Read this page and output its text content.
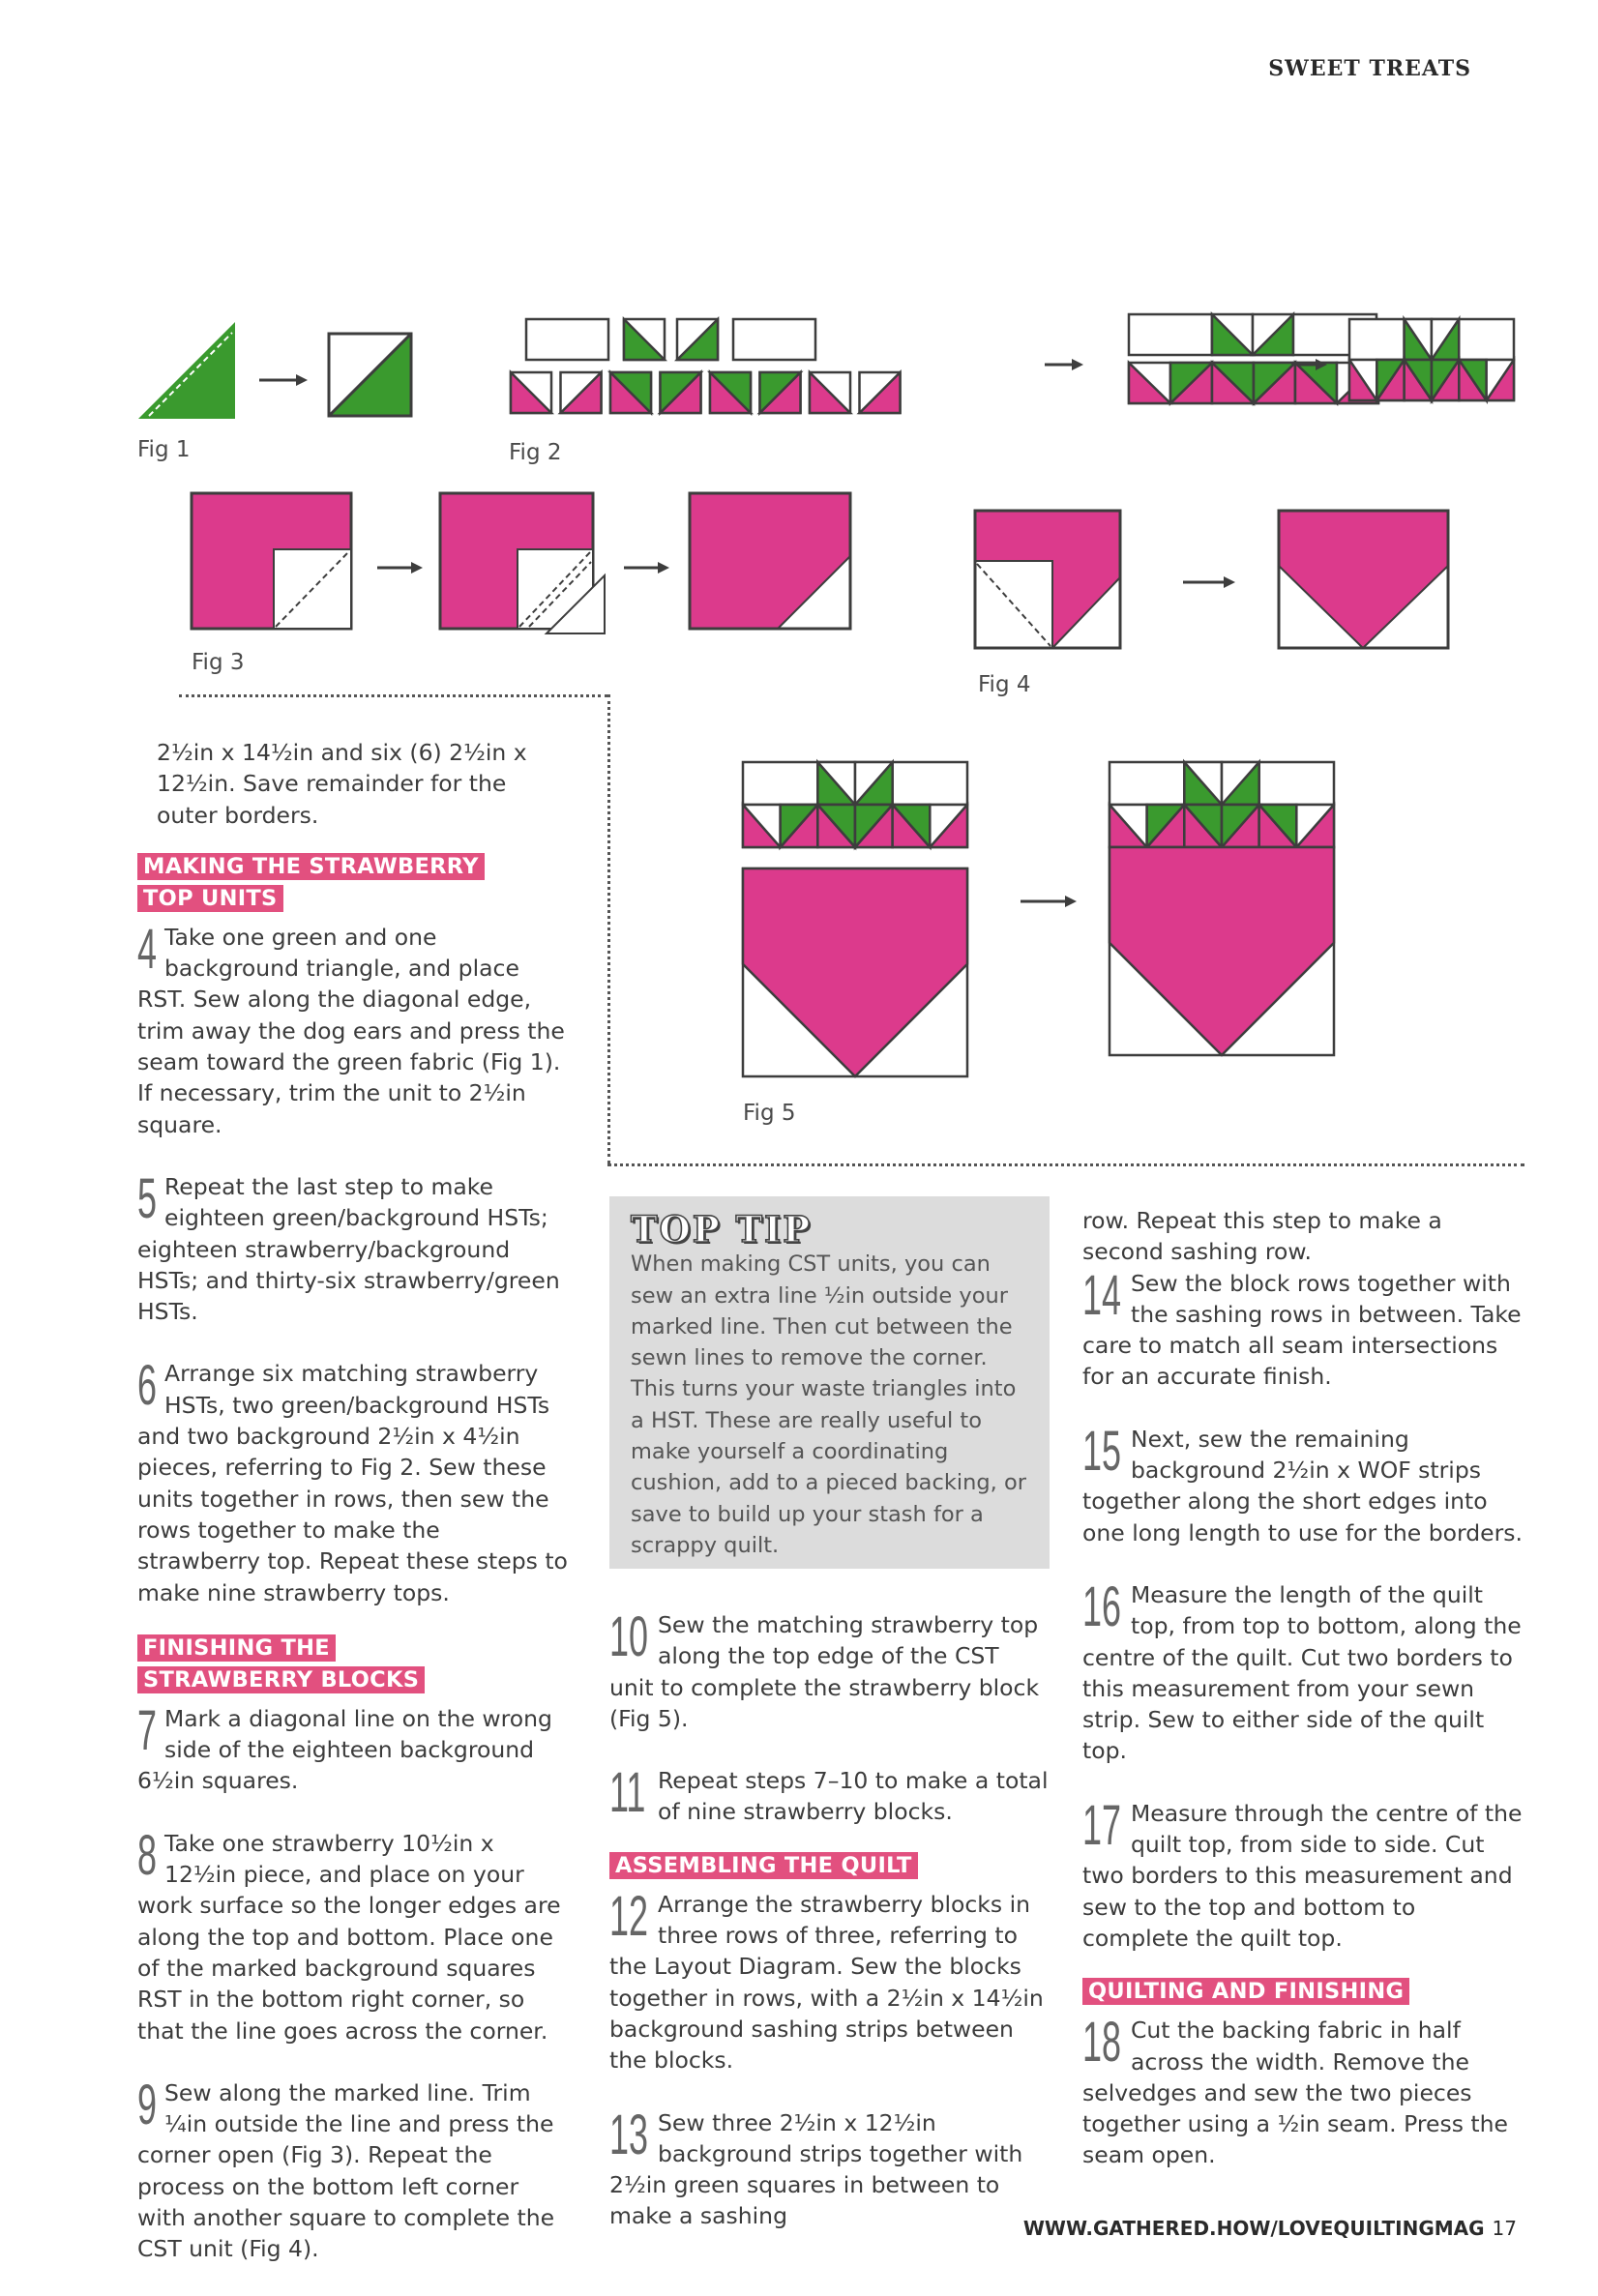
SWEET TREATS
Fig 1	Fig 2
Fig 3
Fig 4
Fig 5

2½in x 14½in and six (6) 2½in x 12½in. Save remainder for the outer borders.

MAKING THE STRAWBERRY TOP UNITS
4 Take one green and one background triangle, and place RST. Sew along the diagonal edge, trim away the dog ears and press the seam toward the green fabric (Fig 1). If necessary, trim the unit to 2½in square.
5 Repeat the last step to make eighteen green/background HSTs; eighteen strawberry/background HSTs; and thirty-six strawberry/green HSTs.
6 Arrange six matching strawberry HSTs, two green/background HSTs and two background 2½in x 4½in pieces, referring to Fig 2. Sew these units together in rows, then sew the rows together to make the strawberry top. Repeat these steps to make nine strawberry tops.
FINISHING THE STRAWBERRY BLOCKS
7 Mark a diagonal line on the wrong side of the eighteen background 6½in squares.
8 Take one strawberry 10½in x 12½in piece, and place on your work surface so the longer edges are along the top and bottom. Place one of the marked background squares RST in the bottom right corner, so that the line goes across the corner.
9 Sew along the marked line. Trim ¼in outside the line and press the corner open (Fig 3). Repeat the process on the bottom left corner with another square to complete the CST unit (Fig 4).
TOP TIP
When making CST units, you can sew an extra line ½in outside your marked line. Then cut between the sewn lines to remove the corner. This turns your waste triangles into a HST. These are really useful to make yourself a coordinating cushion, add to a pieced backing, or save to build up your stash for a scrappy quilt.
10 Sew the matching strawberry top along the top edge of the CST unit to complete the strawberry block (Fig 5).
11 Repeat steps 7–10 to make a total of nine strawberry blocks.
ASSEMBLING THE QUILT
12 Arrange the strawberry blocks in three rows of three, referring to the Layout Diagram. Sew the blocks together in rows, with a 2½in x 14½in background sashing strips between the blocks.
13 Sew three 2½in x 12½in background strips together with 2½in green squares in between to make a sashing

row. Repeat this step to make a second sashing row.

14 Sew the block rows together with the sashing rows in between. Take care to match all seam intersections for an accurate finish.
15 Next, sew the remaining background 2½in x WOF strips together along the short edges into one long length to use for the borders.
16 Measure the length of the quilt top, from top to bottom, along the centre of the quilt. Cut two borders to this measurement from your sewn strip. Sew to either side of the quilt top.
17 Measure through the centre of the quilt top, from side to side. Cut two borders to this measurement and sew to the top and bottom to complete the quilt top.
QUILTING AND FINISHING
18 Cut the backing fabric in half across the width. Remove the selvedges and sew the two pieces together using a ½in seam. Press the seam open.
WWW.GATHERED.HOW/LOVEQUILTINGMAG 17
